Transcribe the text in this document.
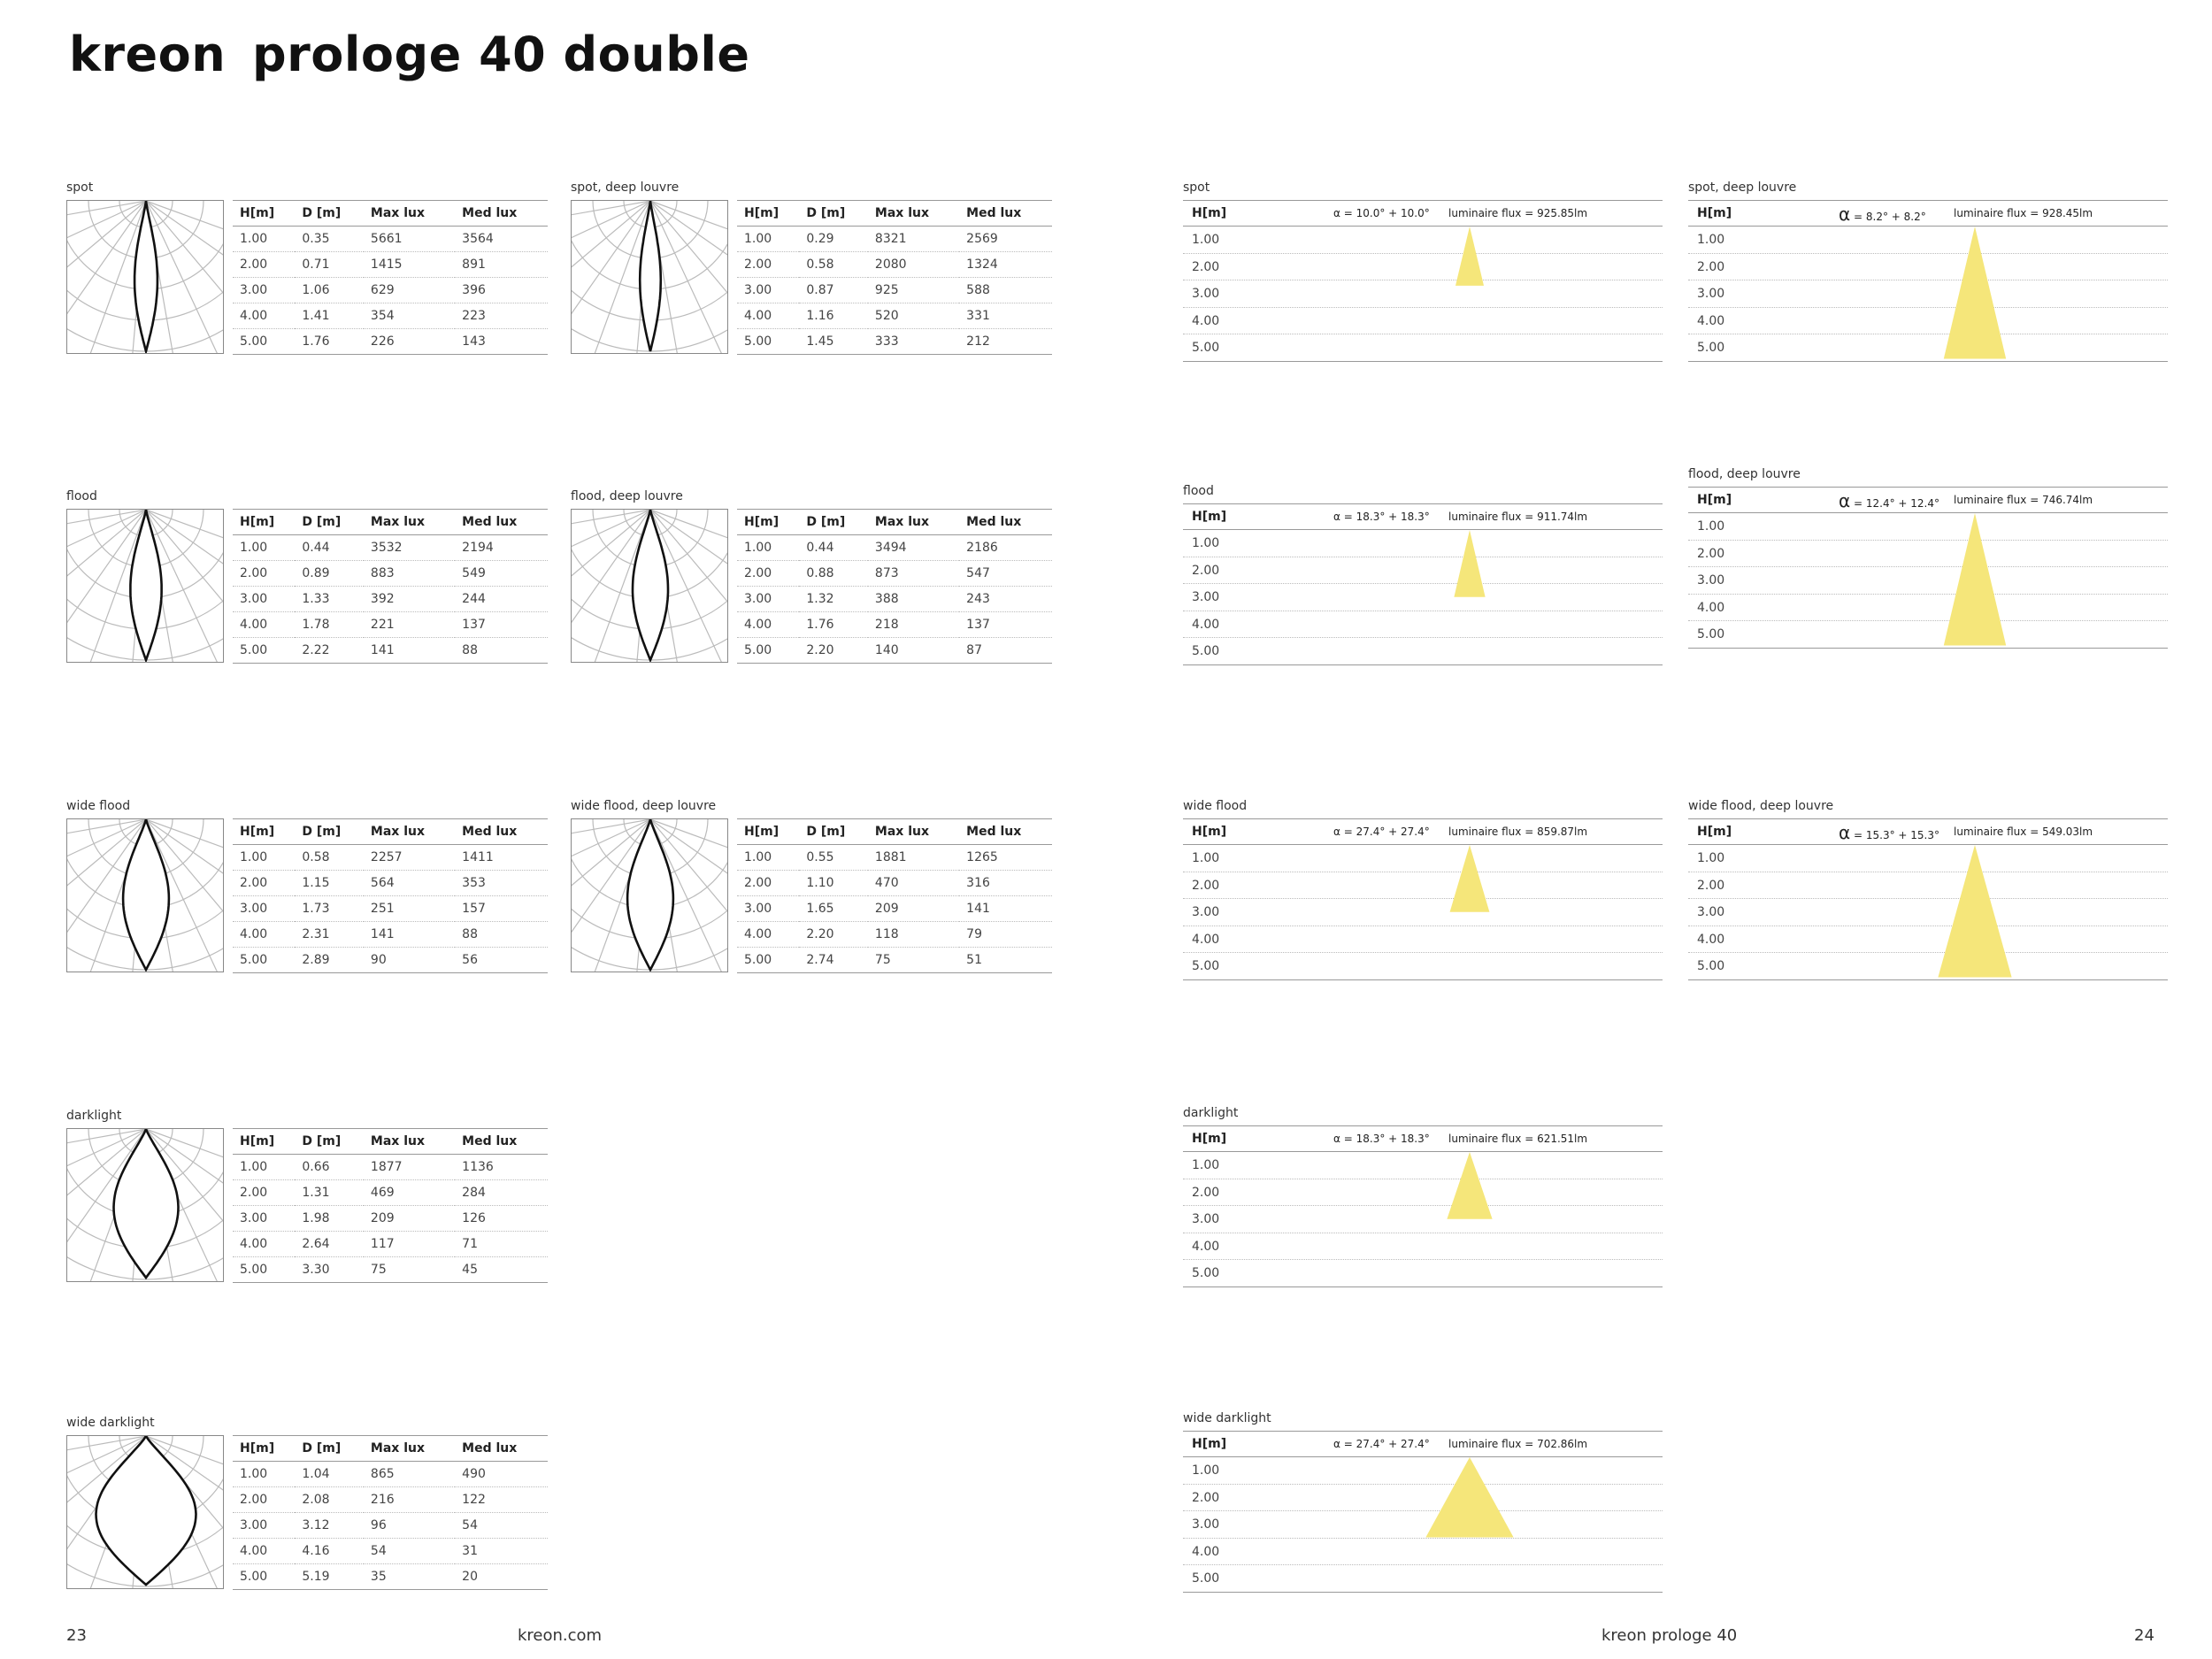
kreon prologe 40 double
spot
H[m]	D [m]	Max lux	Med lux
1.00	0.35	5661	3564
2.00	0.71	1415	891
3.00	1.06	629	396
4.00	1.41	354	223
5.00	1.76	226	143
spot, deep louvre
H[m]	D [m]	Max lux	Med lux
1.00	0.29	8321	2569
2.00	0.58	2080	1324
3.00	0.87	925	588
4.00	1.16	520	331
5.00	1.45	333	212
flood
H[m]	D [m]	Max lux	Med lux
1.00	0.44	3532	2194
2.00	0.89	883	549
3.00	1.33	392	244
4.00	1.78	221	137
5.00	2.22	141	88
flood, deep louvre
H[m]	D [m]	Max lux	Med lux
1.00	0.44	3494	2186
2.00	0.88	873	547
3.00	1.32	388	243
4.00	1.76	218	137
5.00	2.20	140	87
wide flood
H[m]	D [m]	Max lux	Med lux
1.00	0.58	2257	1411
2.00	1.15	564	353
3.00	1.73	251	157
4.00	2.31	141	88
5.00	2.89	90	56
wide flood, deep louvre
H[m]	D [m]	Max lux	Med lux
1.00	0.55	1881	1265
2.00	1.10	470	316
3.00	1.65	209	141
4.00	2.20	118	79
5.00	2.74	75	51
darklight
H[m]	D [m]	Max lux	Med lux
1.00	0.66	1877	1136
2.00	1.31	469	284
3.00	1.98	209	126
4.00	2.64	117	71
5.00	3.30	75	45
wide darklight
H[m]	D [m]	Max lux	Med lux
1.00	1.04	865	490
2.00	2.08	216	122
3.00	3.12	96	54
4.00	4.16	54	31
5.00	5.19	35	20
spot
H[m]	α = 10.0° + 10.0° luminaire flux = 925.85lm
1.00
2.00
3.00
4.00
5.00
spot, deep louvre
H[m]	α = 8.2° + 8.2°	luminaire flux = 928.45lm
1.00
2.00
3.00
4.00
5.00
flood
H[m]	α = 18.3° + 18.3° luminaire flux = 911.74lm
1.00
2.00
3.00
4.00
5.00
flood, deep louvre
H[m]	α = 12.4° + 12.4° luminaire flux = 746.74lm
1.00
2.00
3.00
4.00
5.00
wide flood
H[m]	α = 27.4° + 27.4° luminaire flux = 859.87lm
1.00
2.00
3.00
4.00
5.00
wide flood, deep louvre
H[m]	α = 15.3° + 15.3° luminaire flux = 549.03lm
1.00
2.00
3.00
4.00
5.00
darklight
H[m]	α = 18.3° + 18.3° luminaire flux = 621.51lm
1.00
2.00
3.00
4.00
5.00
wide darklight
H[m]	α = 27.4° + 27.4° luminaire flux = 702.86lm
1.00
2.00
3.00
4.00
5.00
23	kreon.com	kreon prologe 40	24
